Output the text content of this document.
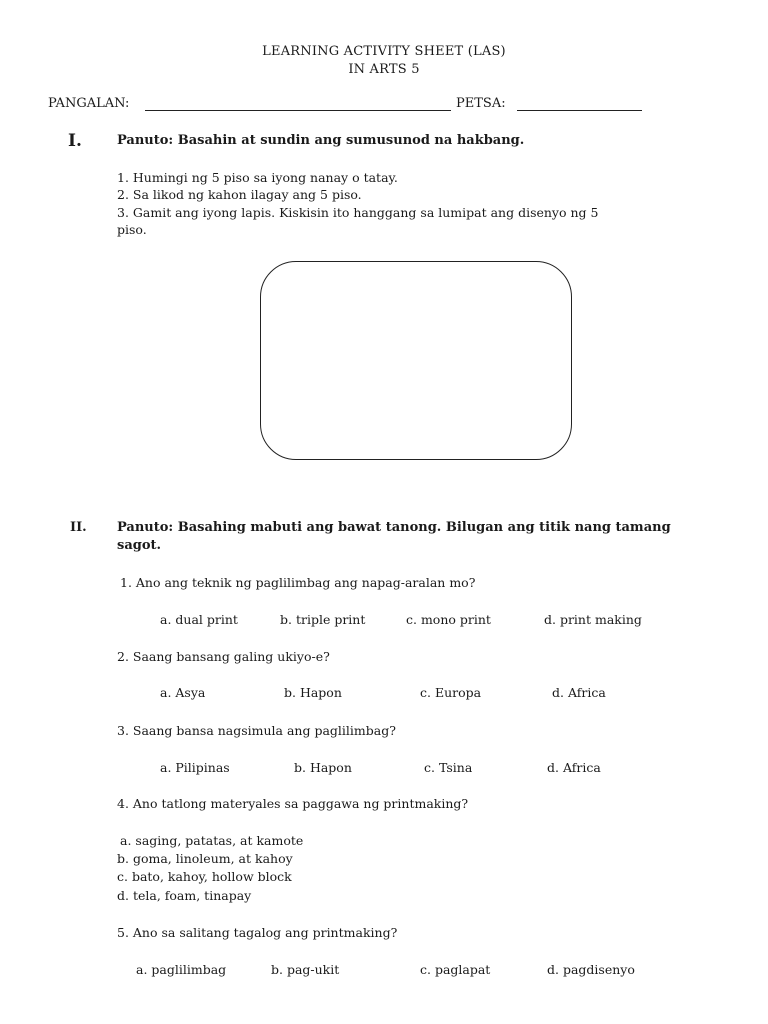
LEARNING ACTIVITY SHEET (LAS)
IN ARTS 5
PANGALAN:	PETSA:
I.	Panuto: Basahin at sundin ang sumusunod na hakbang.
1. Humingi ng 5 piso sa iyong nanay o tatay.
2. Sa likod ng kahon ilagay ang 5 piso.
3. Gamit ang iyong lapis. Kiskisin ito hanggang sa lumipat ang disenyo ng 5
piso.
II. Panuto: Basahing mabuti ang bawat tanong. Bilugan ang titik nang tamang
sagot.
1. Ano ang teknik ng paglilimbag ang napag-aralan mo?
a. dual print	b. triple print	c. mono print	d. print making
2. Saang bansang galing ukiyo-e?
a. Asya	b. Hapon	c. Europa	d. Africa
3. Saang bansa nagsimula ang paglilimbag?
a. Pilipinas	b. Hapon	c. Tsina	d. Africa
4. Ano tatlong materyales sa paggawa ng printmaking?
a. saging, patatas, at kamote
b. goma, linoleum, at kahoy
c. bato, kahoy, hollow block
d. tela, foam, tinapay
5. Ano sa salitang tagalog ang printmaking?
a. paglilimbag	b. pag-ukit	c. paglapat	d. pagdisenyo
